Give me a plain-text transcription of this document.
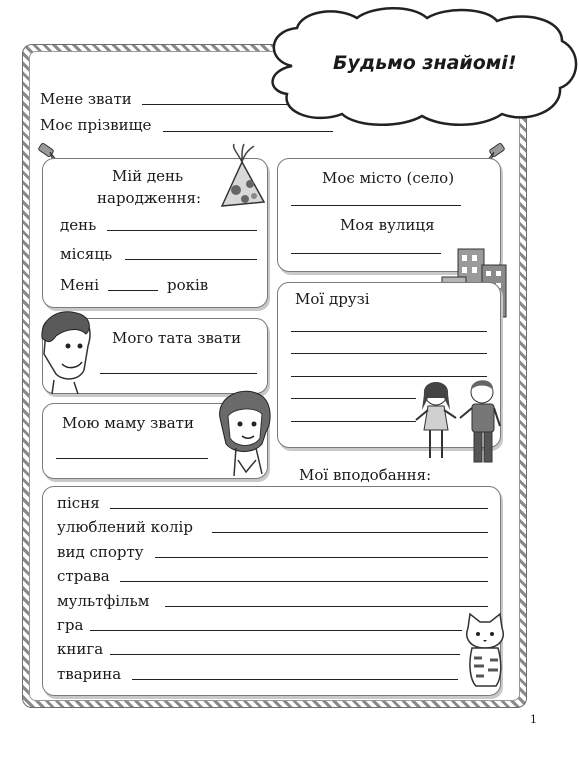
Будьмо знайомі!
Мене звати
Моє прізвище
Мій день
народження:
день
місяць
Мені	років
Моє місто (село)
Моя вулиця
Мого тата звати
Мої друзі
Мою маму звати
Мої вподобання:
пісня
улюблений колір
вид спорту
страва
мультфільм
гра
книга
тварина
1
